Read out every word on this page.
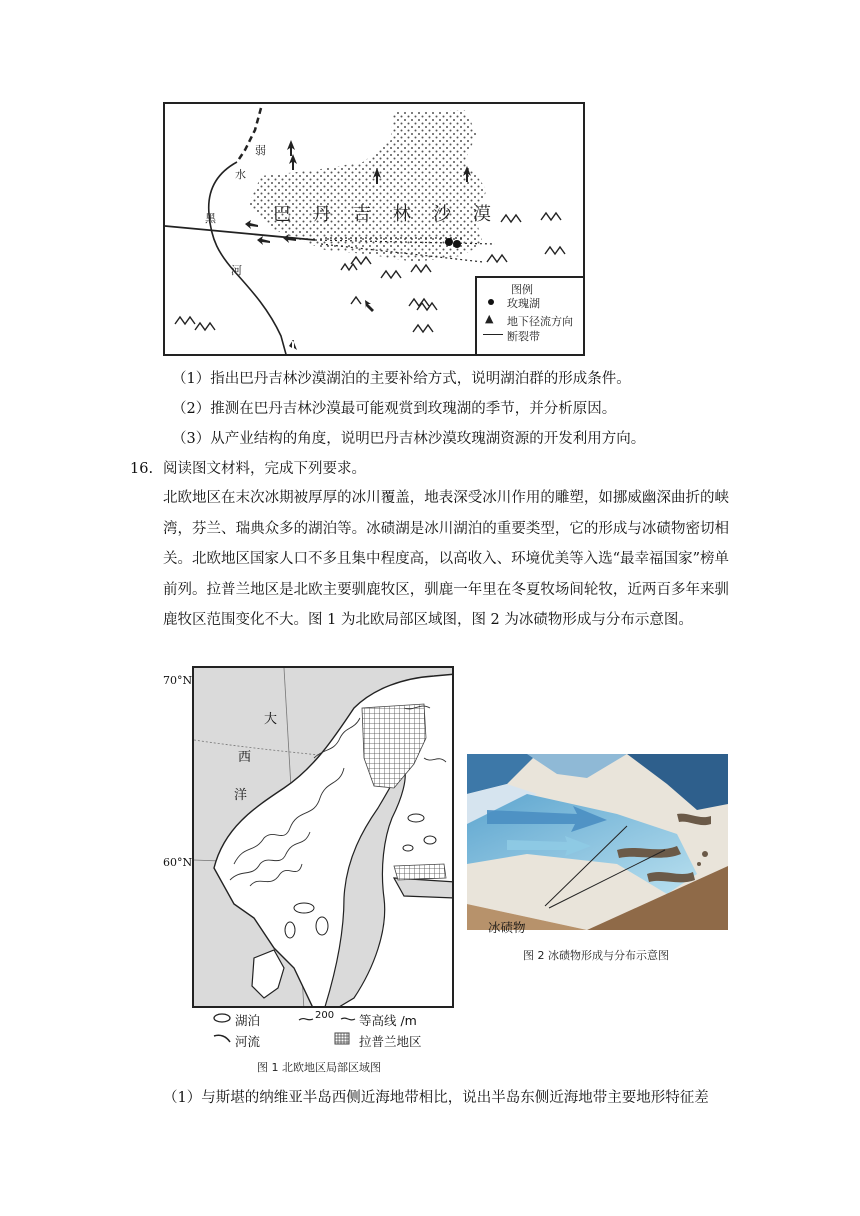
巴丹吉林沙漠
弱
水
黑
河
图例
玫瑰湖
▲ 地下径流方向
断裂带
（1）指出巴丹吉林沙漠湖泊的主要补给方式，说明湖泊群的形成条件。
（2）推测在巴丹吉林沙漠最可能观赏到玫瑰湖的季节，并分析原因。
（3）从产业结构的角度，说明巴丹吉林沙漠玫瑰湖资源的开发利用方向。
16. 阅读图文材料，完成下列要求。
北欧地区在末次冰期被厚厚的冰川覆盖，地表深受冰川作用的雕塑，如挪威幽深曲折的峡湾，芬兰、瑞典众多的湖泊等。冰碛湖是冰川湖泊的重要类型，它的形成与冰碛物密切相关。北欧地区国家人口不多且集中程度高，以高收入、环境优美等入选“最幸福国家”榜单前列。拉普兰地区是北欧主要驯鹿牧区，驯鹿一年里在冬夏牧场间轮牧，近两百多年来驯鹿牧区范围变化不大。图 1 为北欧局部区域图，图 2 为冰碛物形成与分布示意图。
70°N
60°N
大
西
洋
湖泊	200 等高线 /m
河流	拉普兰地区
图 1 北欧地区局部区域图
冰碛物
图 2 冰碛物形成与分布示意图
（1）与斯堪的纳维亚半岛西侧近海地带相比，说出半岛东侧近海地带主要地形特征差
